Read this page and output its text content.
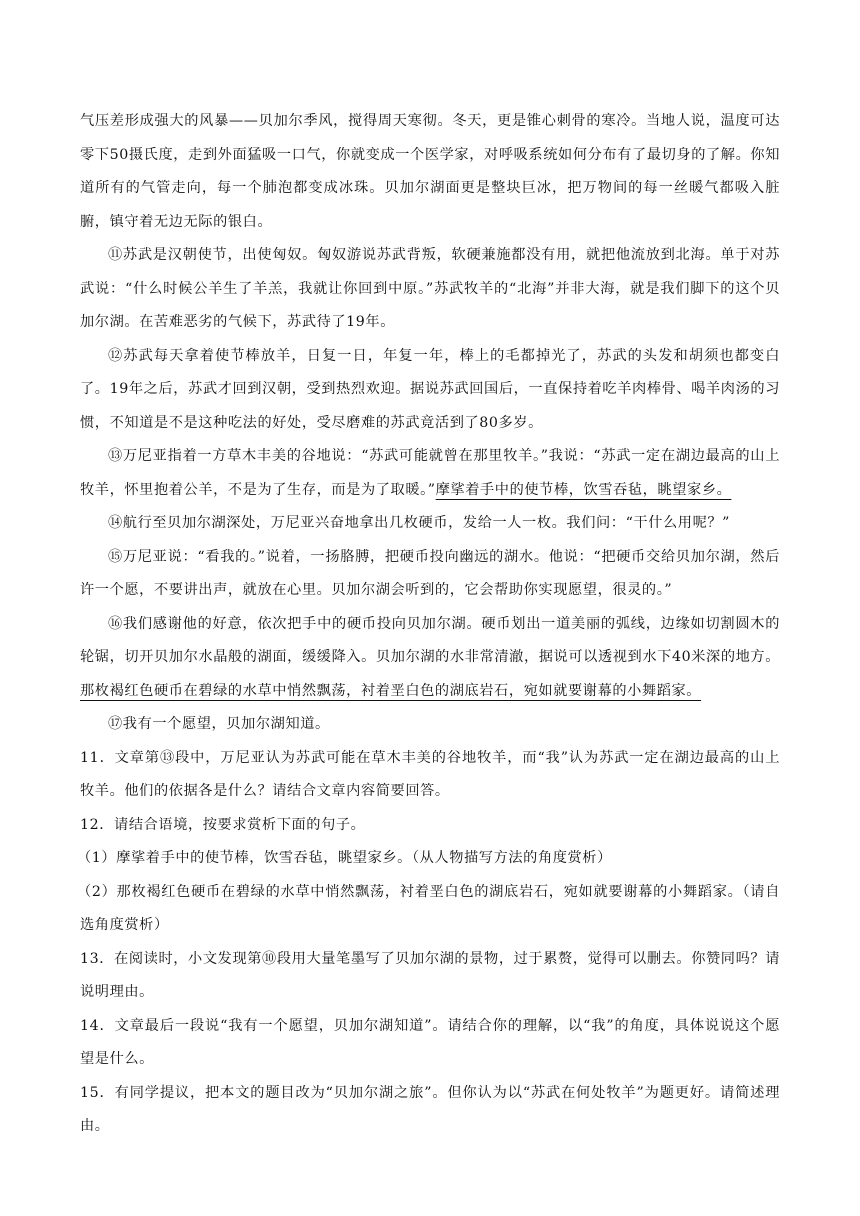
气压差形成强大的风暴——贝加尔季风，搅得周天寒彻。冬天，更是锥心刺骨的寒冷。当地人说，温度可达零下50摄氏度，走到外面猛吸一口气，你就变成一个医学家，对呼吸系统如何分布有了最切身的了解。你知道所有的气管走向，每一个肺泡都变成冰珠。贝加尔湖面更是整块巨冰，把万物间的每一丝暖气都吸入脏腑，镇守着无边无际的银白。

⑪苏武是汉朝使节，出使匈奴。匈奴游说苏武背叛，软硬兼施都没有用，就把他流放到北海。单于对苏武说：“什么时候公羊生了羊羔，我就让你回到中原。”苏武牧羊的“北海”并非大海，就是我们脚下的这个贝加尔湖。在苦难恶劣的气候下，苏武待了19年。

⑫苏武每天拿着使节棒放羊，日复一日，年复一年，棒上的毛都掉光了，苏武的头发和胡须也都变白了。19年之后，苏武才回到汉朝，受到热烈欢迎。据说苏武回国后，一直保持着吃羊肉棒骨、喝羊肉汤的习惯，不知道是不是这种吃法的好处，受尽磨难的苏武竟活到了80多岁。

⑬万尼亚指着一方草木丰美的谷地说：“苏武可能就曾在那里牧羊。”我说：“苏武一定在湖边最高的山上牧羊，怀里抱着公羊，不是为了生存，而是为了取暖。”摩挲着手中的使节棒，饮雪吞毡，眺望家乡。

⑭航行至贝加尔湖深处，万尼亚兴奋地拿出几枚硬币，发给一人一枚。我们问：“干什么用呢？”

⑮万尼亚说：“看我的。”说着，一扬胳膊，把硬币投向幽远的湖水。他说：“把硬币交给贝加尔湖，然后许一个愿，不要讲出声，就放在心里。贝加尔湖会听到的，它会帮助你实现愿望，很灵的。”

⑯我们感谢他的好意，依次把手中的硬币投向贝加尔湖。硬币划出一道美丽的弧线，边缘如切割圆木的轮锯，切开贝加尔水晶般的湖面，缓缓降入。贝加尔湖的水非常清澈，据说可以透视到水下40米深的地方。那枚褐红色硬币在碧绿的水草中悄然飘荡，衬着垩白色的湖底岩石，宛如就要谢幕的小舞蹈家。

⑰我有一个愿望，贝加尔湖知道。

11．文章第⑬段中，万尼亚认为苏武可能在草木丰美的谷地牧羊，而“我”认为苏武一定在湖边最高的山上牧羊。他们的依据各是什么？请结合文章内容简要回答。

12．请结合语境，按要求赏析下面的句子。

（1）摩挲着手中的使节棒，饮雪吞毡，眺望家乡。（从人物描写方法的角度赏析）

（2）那枚褐红色硬币在碧绿的水草中悄然飘荡，衬着垩白色的湖底岩石，宛如就要谢幕的小舞蹈家。（请自选角度赏析）

13．在阅读时，小文发现第⑩段用大量笔墨写了贝加尔湖的景物，过于累赘，觉得可以删去。你赞同吗？请说明理由。

14．文章最后一段说“我有一个愿望，贝加尔湖知道”。请结合你的理解，以“我”的角度，具体说说这个愿望是什么。

15．有同学提议，把本文的题目改为“贝加尔湖之旅”。但你认为以“苏武在何处牧羊”为题更好。请简述理由。
